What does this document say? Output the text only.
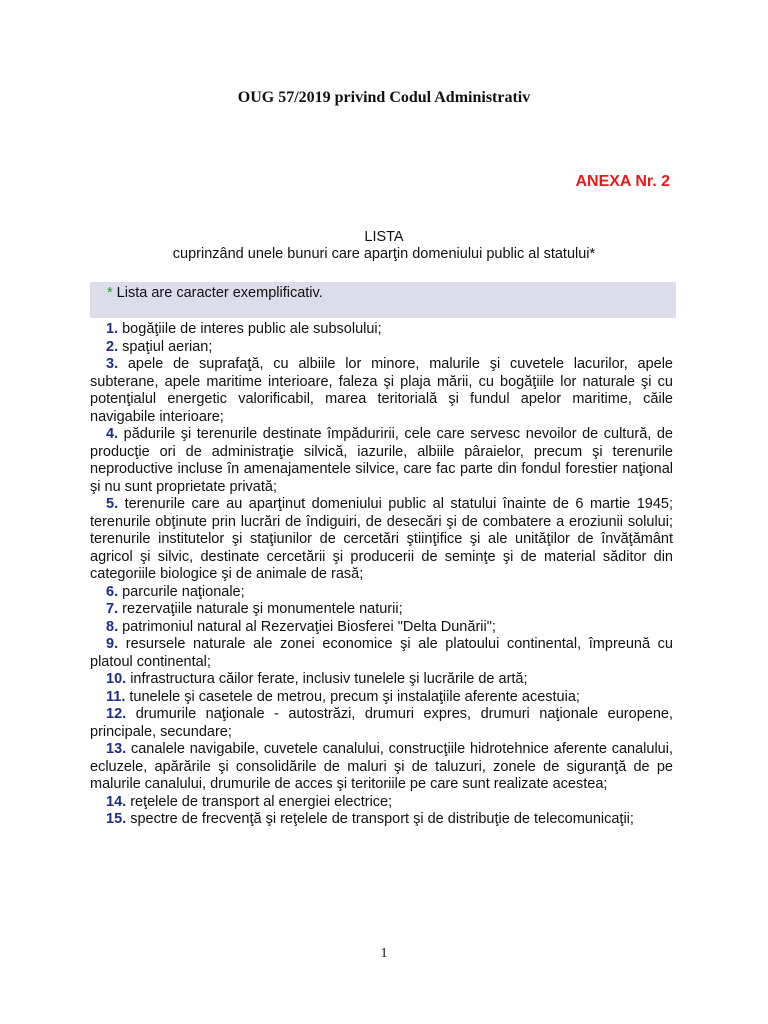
OUG 57/2019 privind Codul Administrativ
ANEXA Nr. 2
LISTA
cuprinzând unele bunuri care aparţin domeniului public al statului*
* Lista are caracter exemplificativ.

1. bogăţiile de interes public ale subsolului;

2. spaţiul aerian;

3. apele de suprafaţă, cu albiile lor minore, malurile şi cuvetele lacurilor, apele subterane, apele maritime interioare, faleza şi plaja mării, cu bogăţiile lor naturale şi cu potenţialul energetic valorificabil, marea teritorială şi fundul apelor maritime, căile navigabile interioare;

4. pădurile şi terenurile destinate împăduririi, cele care servesc nevoilor de cultură, de producţie ori de administraţie silvică, iazurile, albiile pâraielor, precum şi terenurile neproductive incluse în amenajamentele silvice, care fac parte din fondul forestier naţional şi nu sunt proprietate privată;

5. terenurile care au aparţinut domeniului public al statului înainte de 6 martie 1945; terenurile obţinute prin lucrări de îndiguiri, de desecări şi de combatere a eroziunii solului; terenurile institutelor şi staţiunilor de cercetări ştiinţifice şi ale unităţilor de învăţământ agricol şi silvic, destinate cercetării şi producerii de seminţe şi de material săditor din categoriile biologice şi de animale de rasă;

6. parcurile naţionale;

7. rezervaţiile naturale şi monumentele naturii;

8. patrimoniul natural al Rezervaţiei Biosferei "Delta Dunării";

9. resursele naturale ale zonei economice şi ale platoului continental, împreună cu platoul continental;

10. infrastructura căilor ferate, inclusiv tunelele şi lucrările de artă;

11. tunelele şi casetele de metrou, precum şi instalaţiile aferente acestuia;

12. drumurile naţionale - autostrăzi, drumuri expres, drumuri naţionale europene, principale, secundare;

13. canalele navigabile, cuvetele canalului, construcţiile hidrotehnice aferente canalului, ecluzele, apărările şi consolidările de maluri şi de taluzuri, zonele de siguranţă de pe malurile canalului, drumurile de acces şi teritoriile pe care sunt realizate acestea;

14. reţelele de transport al energiei electrice;

15. spectre de frecvenţă şi reţelele de transport şi de distribuţie de telecomunicaţii;

1
